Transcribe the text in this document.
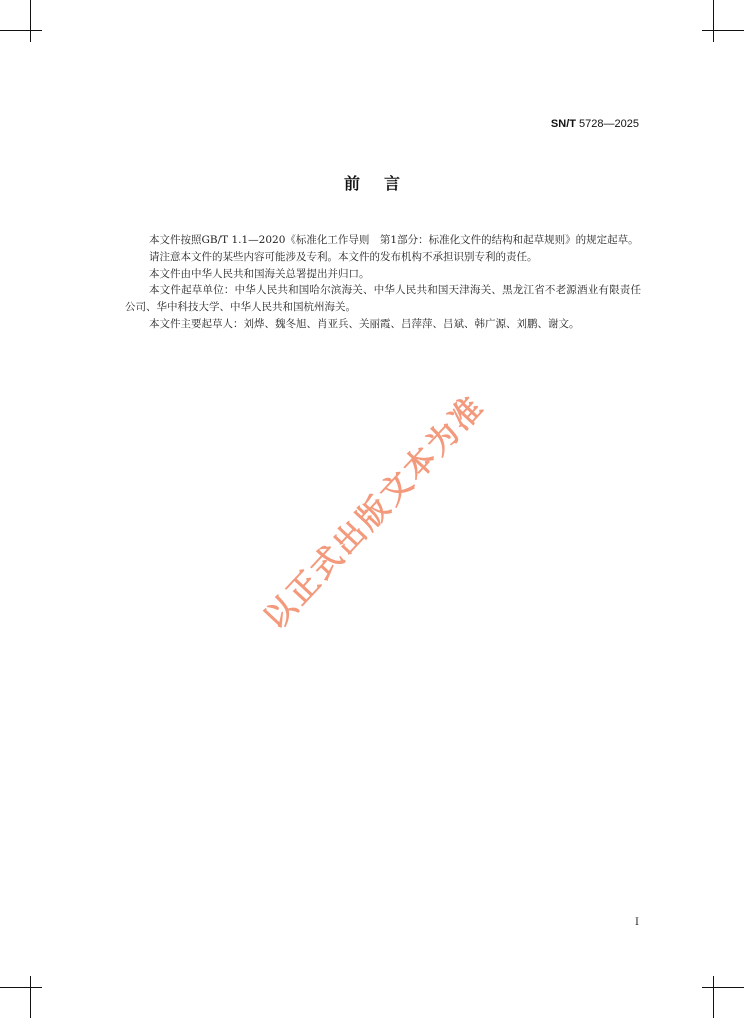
SN/T 5728—2025
前言

本文件按照GB/T 1.1—2020《标准化工作导则　第1部分：标准化文件的结构和起草规则》的规定起草。

请注意本文件的某些内容可能涉及专利。本文件的发布机构不承担识别专利的责任。

本文件由中华人民共和国海关总署提出并归口。

本文件起草单位：中华人民共和国哈尔滨海关、中华人民共和国天津海关、黑龙江省不老源酒业有限责任公司、华中科技大学、中华人民共和国杭州海关。

本文件主要起草人：刘烨、魏冬旭、肖亚兵、关丽霞、吕萍萍、吕斌、韩广源、刘鹏、谢文。

以正式出版文本为准
I
